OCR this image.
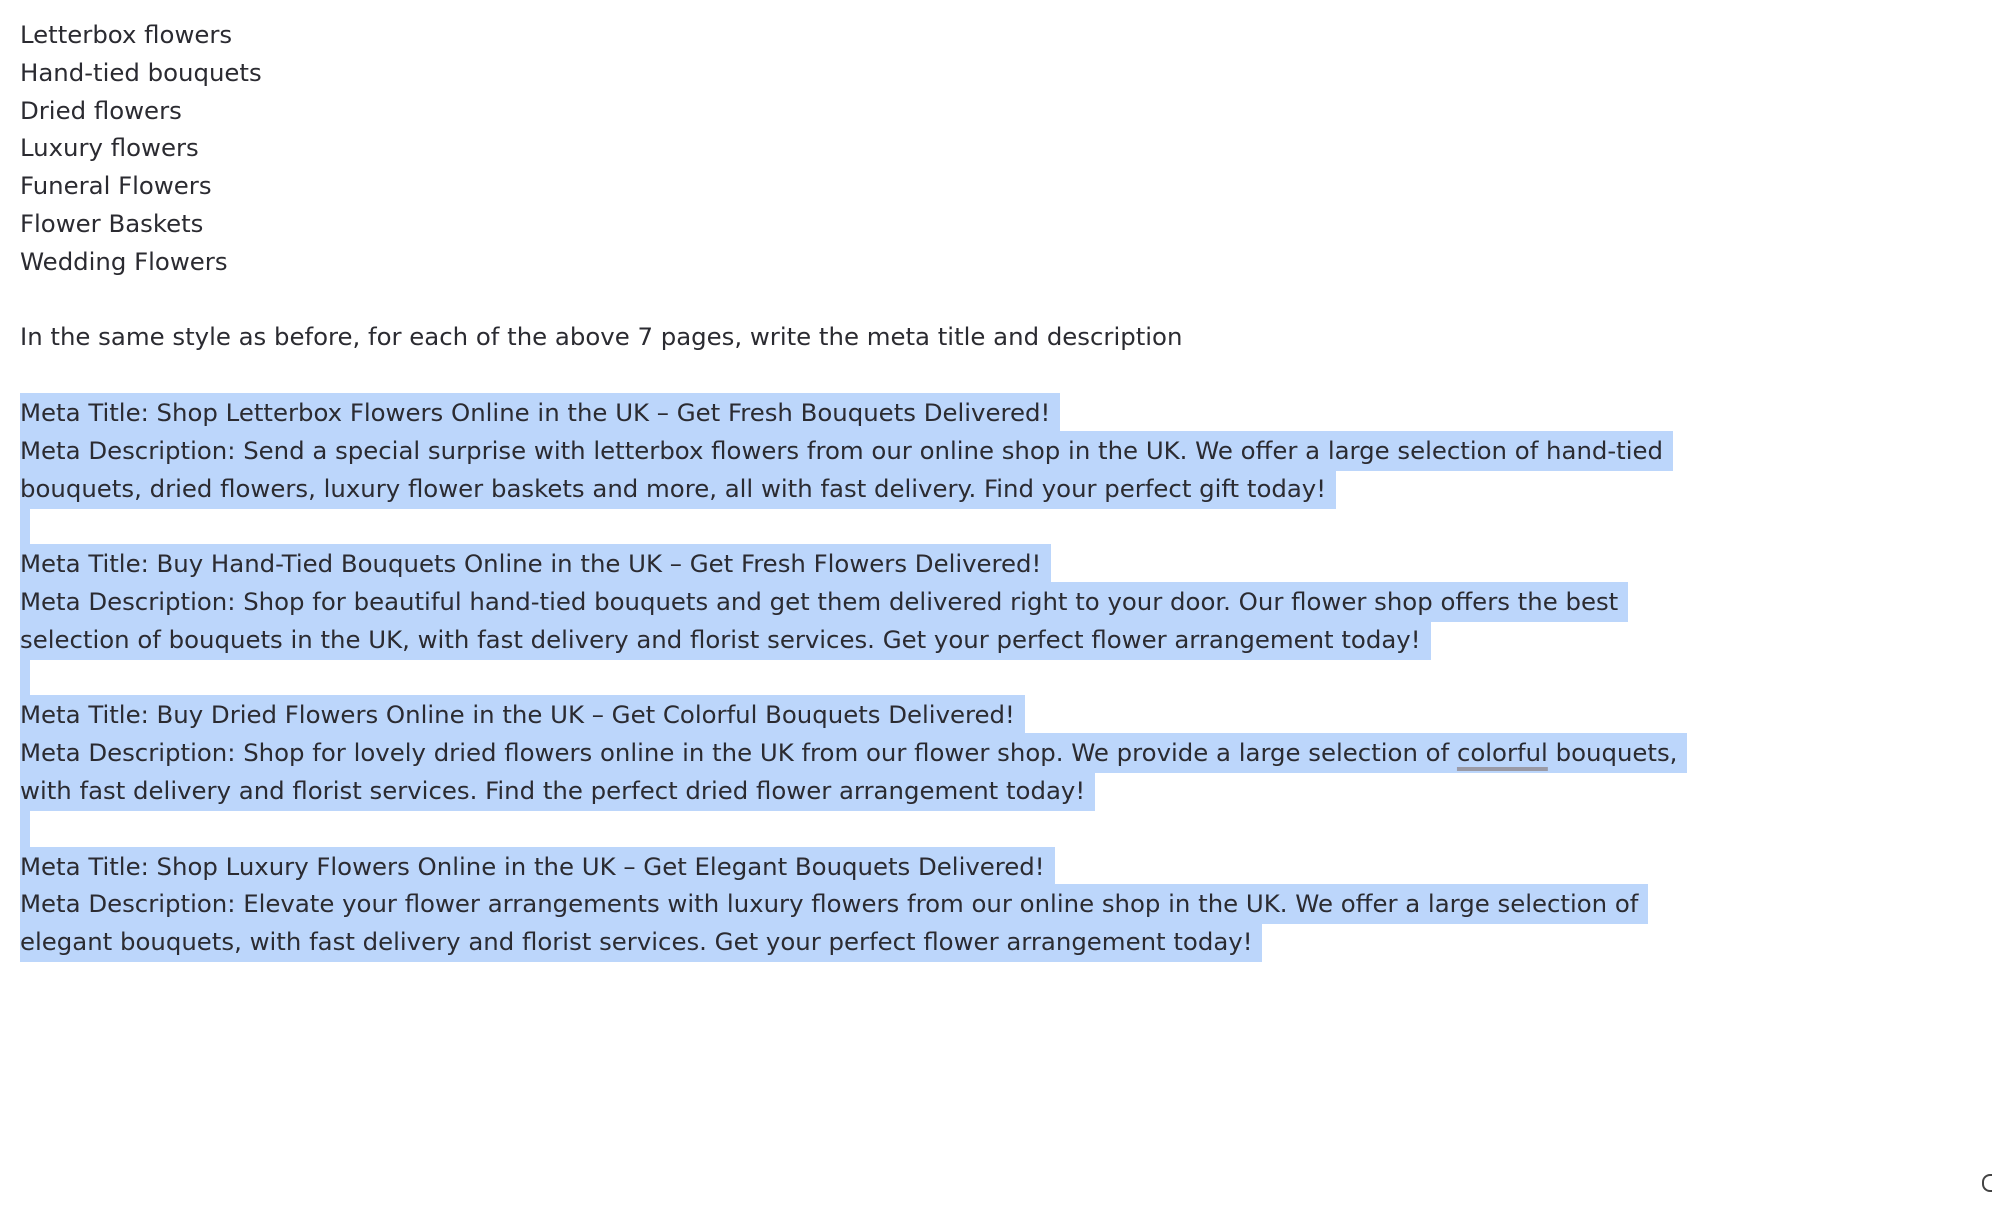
Letterbox flowers
Hand-tied bouquets
Dried flowers
Luxury flowers
Funeral Flowers
Flower Baskets
Wedding Flowers
In the same style as before, for each of the above 7 pages, write the meta title and description
Meta Title: Shop Letterbox Flowers Online in the UK – Get Fresh Bouquets Delivered!
Meta Description: Send a special surprise with letterbox flowers from our online shop in the UK. We offer a large selection of hand-tied
bouquets, dried flowers, luxury flower baskets and more, all with fast delivery. Find your perfect gift today!
Meta Title: Buy Hand-Tied Bouquets Online in the UK – Get Fresh Flowers Delivered!
Meta Description: Shop for beautiful hand-tied bouquets and get them delivered right to your door. Our flower shop offers the best
selection of bouquets in the UK, with fast delivery and florist services. Get your perfect flower arrangement today!
Meta Title: Buy Dried Flowers Online in the UK – Get Colorful Bouquets Delivered!
Meta Description: Shop for lovely dried flowers online in the UK from our flower shop. We provide a large selection of colorful bouquets,
with fast delivery and florist services. Find the perfect dried flower arrangement today!
Meta Title: Shop Luxury Flowers Online in the UK – Get Elegant Bouquets Delivered!
Meta Description: Elevate your flower arrangements with luxury flowers from our online shop in the UK. We offer a large selection of
elegant bouquets, with fast delivery and florist services. Get your perfect flower arrangement today!
